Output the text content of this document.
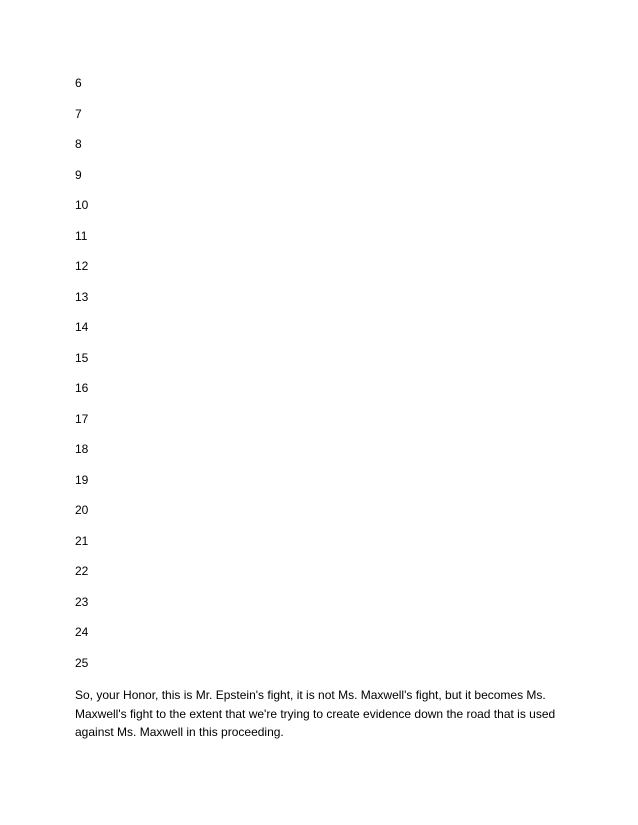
6
7
8
9
10
11
12
13
14
15
16
17
18
19
20
21
22
23
24
25

So, your Honor, this is Mr. Epstein's fight, it is not Ms. Maxwell's fight, but it becomes Ms.
Maxwell's fight to the extent that we're trying to create evidence down the road that is used
against Ms. Maxwell in this proceeding.
